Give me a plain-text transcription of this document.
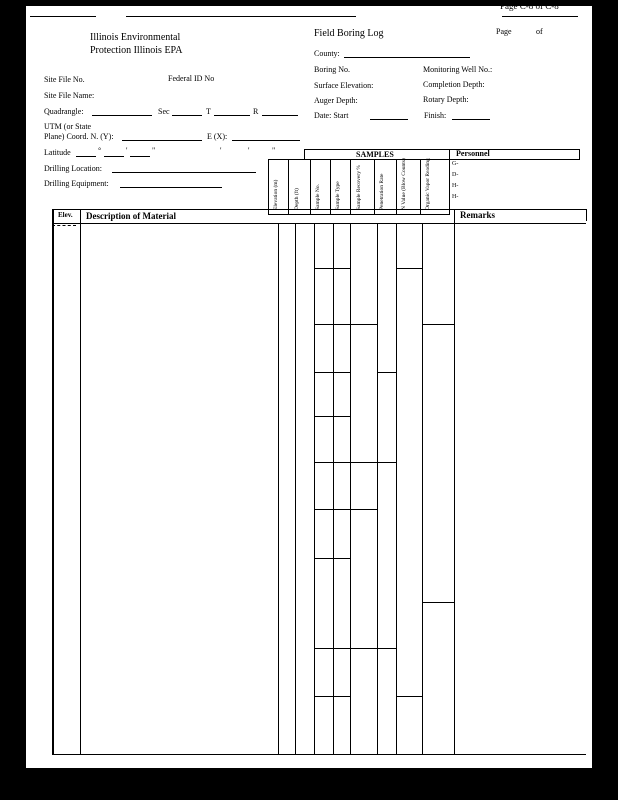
Page C-8 of C-8
Illinois Environmental
Protection Illinois EPA
Field Boring Log	Page	of
County:
Boring No.	Monitoring Well No.:
Surface Elevation:	Completion Depth:
Auger Depth:	Rotary Depth:
Date: Start	Finish:
Site File No.	Federal ID No
Site File Name:
Quadrangle:	Sec	T	R
UTM (or State
Plane) Coord. N. (Y):	E (X):
Latitude	°	'	"	'	'	"
Drilling Location:
Drilling Equipment:
SAMPLES	Personnel
G-
D-
H-
H-
Elevation (m)	Depth (ft)	Sample No.	Sample Type	Sample Recovery %	Penetration Rate	N Value (Blow Counts)	Organic Vapor Reading
Elev. Description of Material	Remarks
